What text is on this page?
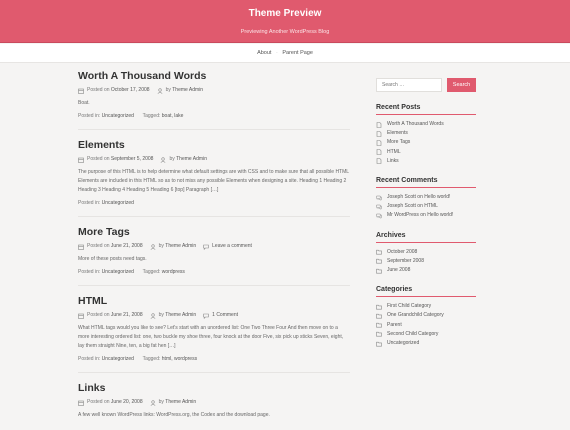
Theme Preview
Previewing Another WordPress Blog
About · Parent Page
Worth A Thousand Words
Posted on
October 17, 2008	by
Theme Admin
Boat.
Posted in: Uncategorized Tagged: boat, lake
Elements
Posted on
September 5, 2008	by
Theme Admin
The purpose of this HTML is to help determine what default settings are with CSS and to make sure that all possible HTML Elements are included in this HTML so as to not miss any possible Elements when designing a site. Heading 1 Heading 2 Heading 3 Heading 4 Heading 5 Heading 6 [top] Paragraph […]
Posted in: Uncategorized
More Tags
Posted on
June 21, 2008	by
Theme Admin	Leave a comment
More of these posts need tags.
Posted in: Uncategorized Tagged: wordpress
HTML
Posted on
June 21, 2008	by
Theme Admin	1 Comment
What HTML tags would you like to see? Let's start with an unordered list: One Two Three Four And then move on to a more interesting ordered list: one, two buckle my shoe three, four knock at the door Five, six pick up sticks Seven, eight, lay them straight Nine, ten, a big fat hen […]
Posted in: Uncategorized Tagged: html, wordpress
Links
Posted on
June 20, 2008	by
Theme Admin
A few well known WordPress links: WordPress.org, the Codex and the download page.
Search …
Search
Recent Posts
Worth A Thousand Words
Elements
More Tags
HTML
Links
Recent Comments
Joseph Scott
on
Hello world!
Joseph Scott
on
HTML
Mr WordPress
on
Hello world!
Archives
October 2008
September 2008
June 2008
Categories
First Child Category
One Grandchild Category
Parent
Second Child Category
Uncategorized
